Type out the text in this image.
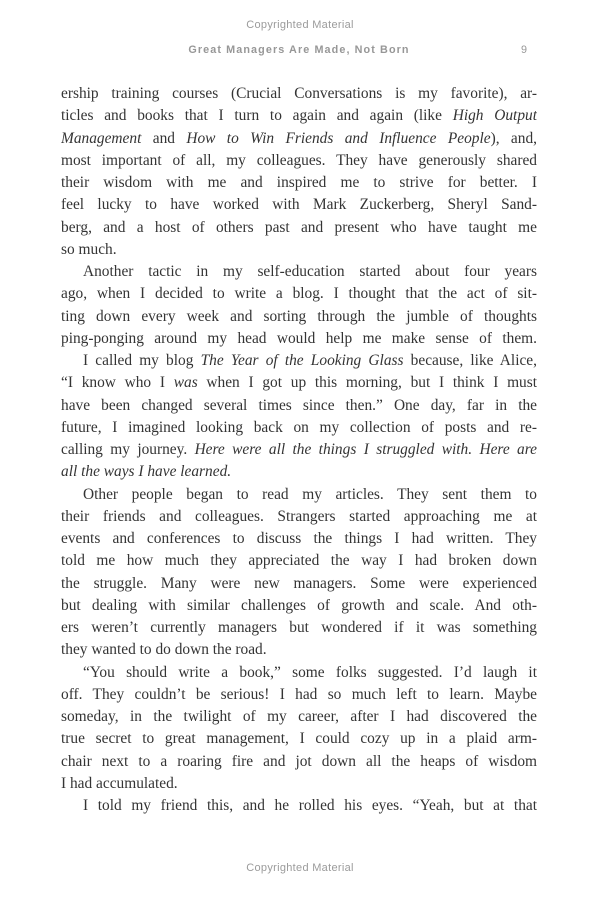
Copyrighted Material
Great Managers Are Made, Not Born	9
ership training courses (Crucial Conversations is my favorite), ar-
ticles and books that I turn to again and again (like High Output
Management and How to Win Friends and Influence People), and,
most important of all, my colleagues. They have generously shared
their wisdom with me and inspired me to strive for better. I
feel lucky to have worked with Mark Zuckerberg, Sheryl Sand-
berg, and a host of others past and present who have taught me
so much.
Another tactic in my self-education started about four years
ago, when I decided to write a blog. I thought that the act of sit-
ting down every week and sorting through the jumble of thoughts
ping-ponging around my head would help me make sense of them.
I called my blog The Year of the Looking Glass because, like Alice,
“I know who I was when I got up this morning, but I think I must
have been changed several times since then.” One day, far in the
future, I imagined looking back on my collection of posts and re-
calling my journey. Here were all the things I struggled with. Here are
all the ways I have learned.
Other people began to read my articles. They sent them to
their friends and colleagues. Strangers started approaching me at
events and conferences to discuss the things I had written. They
told me how much they appreciated the way I had broken down
the struggle. Many were new managers. Some were experienced
but dealing with similar challenges of growth and scale. And oth-
ers weren’t currently managers but wondered if it was something
they wanted to do down the road.
“You should write a book,” some folks suggested. I’d laugh it
off. They couldn’t be serious! I had so much left to learn. Maybe
someday, in the twilight of my career, after I had discovered the
true secret to great management, I could cozy up in a plaid arm-
chair next to a roaring fire and jot down all the heaps of wisdom
I had accumulated.
I told my friend this, and he rolled his eyes. “Yeah, but at that
Copyrighted Material
